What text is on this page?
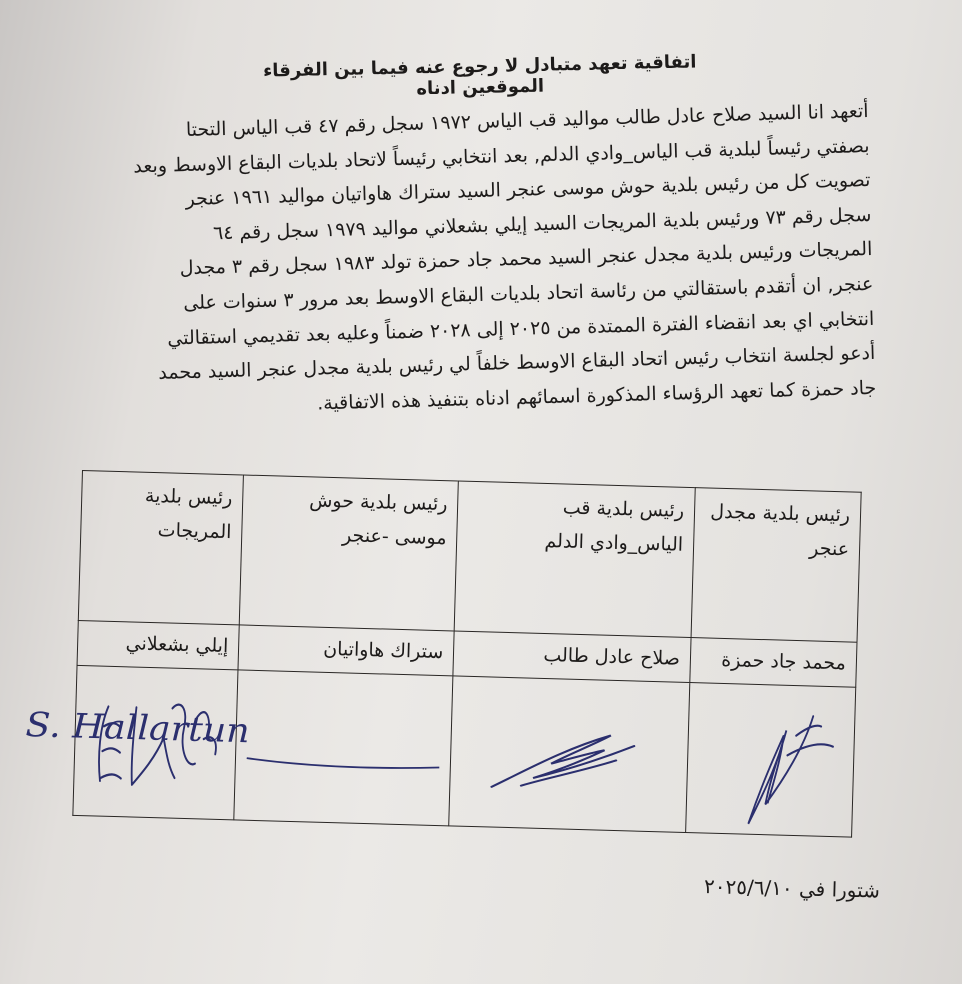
اتفاقية تعهد متبادل لا رجوع عنه فيما بين الفرقاء الموقعين ادناه
أتعهد انا السيد صلاح عادل طالب مواليد قب الياس ١٩٧٢ سجل رقم ٤٧ قب الياس التحتا
بصفتي رئيساً لبلدية قب الياس_وادي الدلم, بعد انتخابي رئيساً لاتحاد بلديات البقاع الاوسط وبعد
تصويت كل من رئيس بلدية حوش موسى عنجر السيد ستراك هاواتيان مواليد ١٩٦١ عنجر
سجل رقم ٧٣ ورئيس بلدية المريجات السيد إيلي بشعلاني مواليد ١٩٧٩ سجل رقم ٦٤
المريجات ورئيس بلدية مجدل عنجر السيد محمد جاد حمزة تولد ١٩٨٣ سجل رقم ٣ مجدل
عنجر, ان أتقدم باستقالتي من رئاسة اتحاد بلديات البقاع الاوسط بعد مرور ٣ سنوات على
انتخابي اي بعد انقضاء الفترة الممتدة من ٢٠٢٥ إلى ٢٠٢٨ ضمناً وعليه بعد تقديمي استقالتي
أدعو لجلسة انتخاب رئيس اتحاد البقاع الاوسط خلفاً لي رئيس بلدية مجدل عنجر السيد محمد
جاد حمزة كما تعهد الرؤساء المذكورة اسمائهم ادناه بتنفيذ هذه الاتفاقية.
رئيس بلدية مجدل عنجر	رئيس بلدية قب الياس_وادي الدلم	رئيس بلدية حوش موسى -عنجر	رئيس بلدية المريجات
محمد جاد حمزة	صلاح عادل طالب	ستراك هاواتيان	إيلي بشعلاني

S. Hallartun

شتورا في ٢٠٢٥/٦/١٠
